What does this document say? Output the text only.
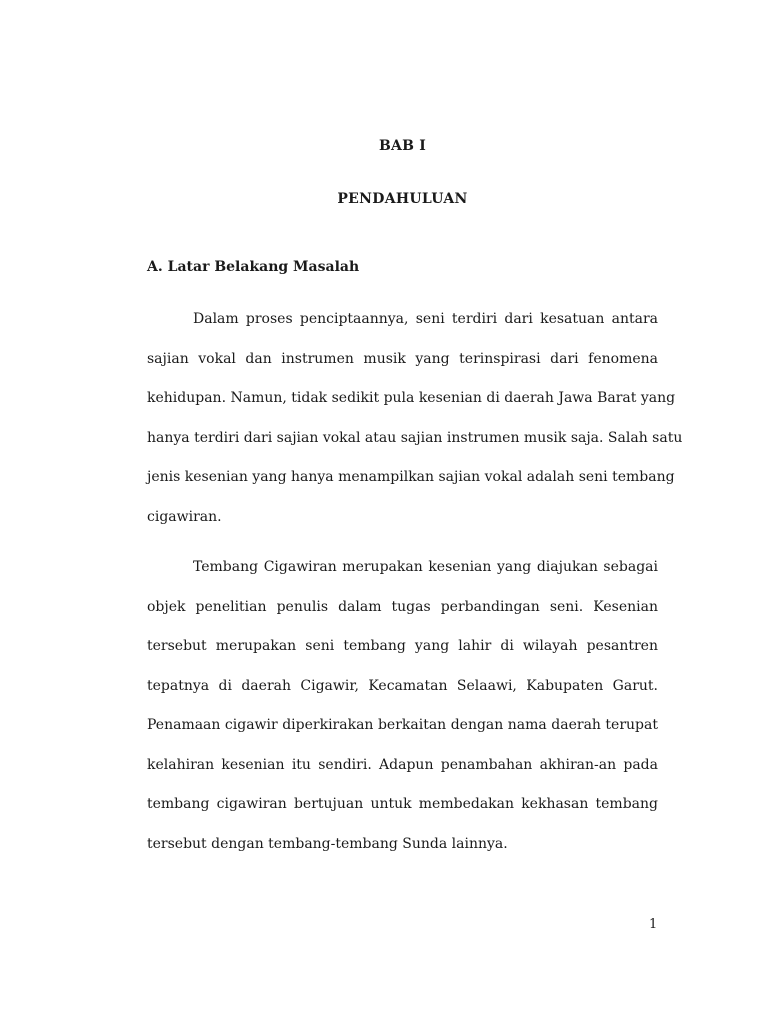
BAB I
PENDAHULUAN
A. Latar Belakang Masalah
Dalam proses penciptaannya, seni terdiri dari kesatuan antara
sajian vokal dan instrumen musik yang terinspirasi dari fenomena
kehidupan. Namun, tidak sedikit pula kesenian di daerah Jawa Barat yang
hanya terdiri dari sajian vokal atau sajian instrumen musik saja. Salah satu
jenis kesenian yang hanya menampilkan sajian vokal adalah seni tembang
cigawiran.
Tembang Cigawiran merupakan kesenian yang diajukan sebagai
objek penelitian penulis dalam tugas perbandingan seni. Kesenian
tersebut merupakan seni tembang yang lahir di wilayah pesantren
tepatnya di daerah Cigawir, Kecamatan Selaawi, Kabupaten Garut.
Penamaan cigawir diperkirakan berkaitan dengan nama daerah terupat
kelahiran kesenian itu sendiri. Adapun penambahan akhiran-an pada
tembang cigawiran bertujuan untuk membedakan kekhasan tembang
tersebut dengan tembang-tembang Sunda lainnya.
1
